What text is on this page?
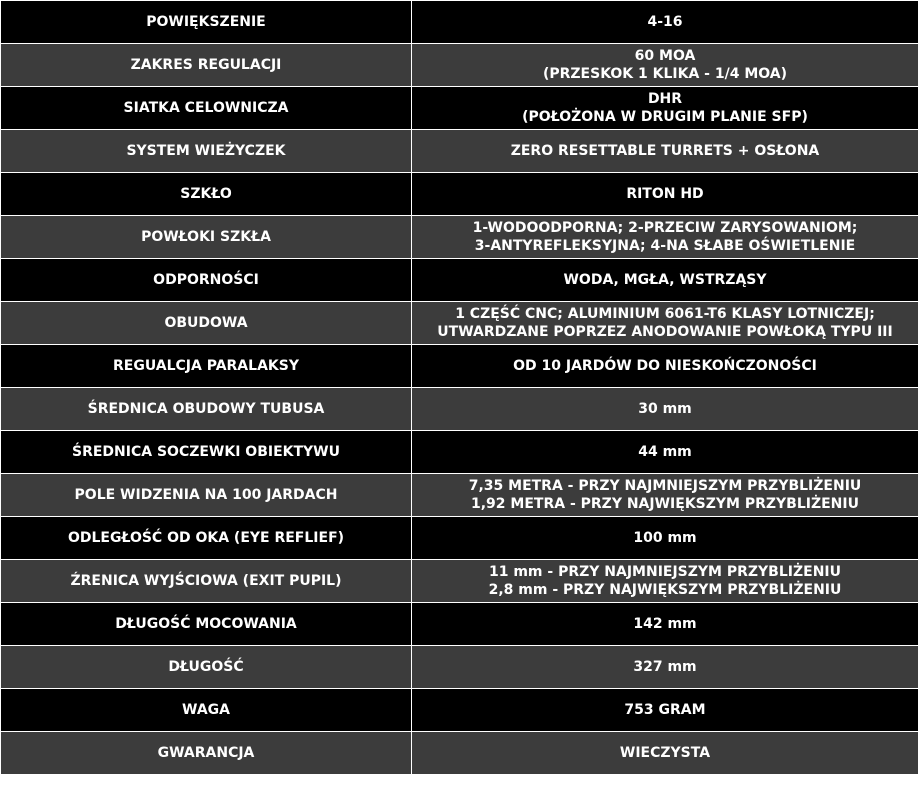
POWIĘKSZENIE	4-16
ZAKRES REGULACJI	60 MOA
(PRZESKOK 1 KLIKA - 1/4 MOA)
SIATKA CELOWNICZA	DHR
(POŁOŻONA W DRUGIM PLANIE SFP)
SYSTEM WIEŻYCZEK	ZERO RESETTABLE TURRETS + OSŁONA
SZKŁO	RITON HD
POWŁOKI SZKŁA	1-WODOODPORNA; 2-PRZECIW ZARYSOWANIOM;
3-ANTYREFLEKSYJNA; 4-NA SŁABE OŚWIETLENIE
ODPORNOŚCI	WODA, MGŁA, WSTRZĄSY
OBUDOWA	1 CZĘŚĆ CNC; ALUMINIUM 6061-T6 KLASY LOTNICZEJ;
UTWARDZANE POPRZEZ ANODOWANIE POWŁOKĄ TYPU III
REGUALCJA PARALAKSY	OD 10 JARDÓW DO NIESKOŃCZONOŚCI
ŚREDNICA OBUDOWY TUBUSA	30 mm
ŚREDNICA SOCZEWKI OBIEKTYWU	44 mm
POLE WIDZENIA NA 100 JARDACH	7,35 METRA - PRZY NAJMNIEJSZYM PRZYBLIŻENIU
1,92 METRA - PRZY NAJWIĘKSZYM PRZYBLIŻENIU
ODLEGŁOŚĆ OD OKA (EYE REFLIEF)	100 mm
ŹRENICA WYJŚCIOWA (EXIT PUPIL)	11 mm - PRZY NAJMNIEJSZYM PRZYBLIŻENIU
2,8 mm - PRZY NAJWIĘKSZYM PRZYBLIŻENIU
DŁUGOŚĆ MOCOWANIA	142 mm
DŁUGOŚĆ	327 mm
WAGA	753 GRAM
GWARANCJA	WIECZYSTA
